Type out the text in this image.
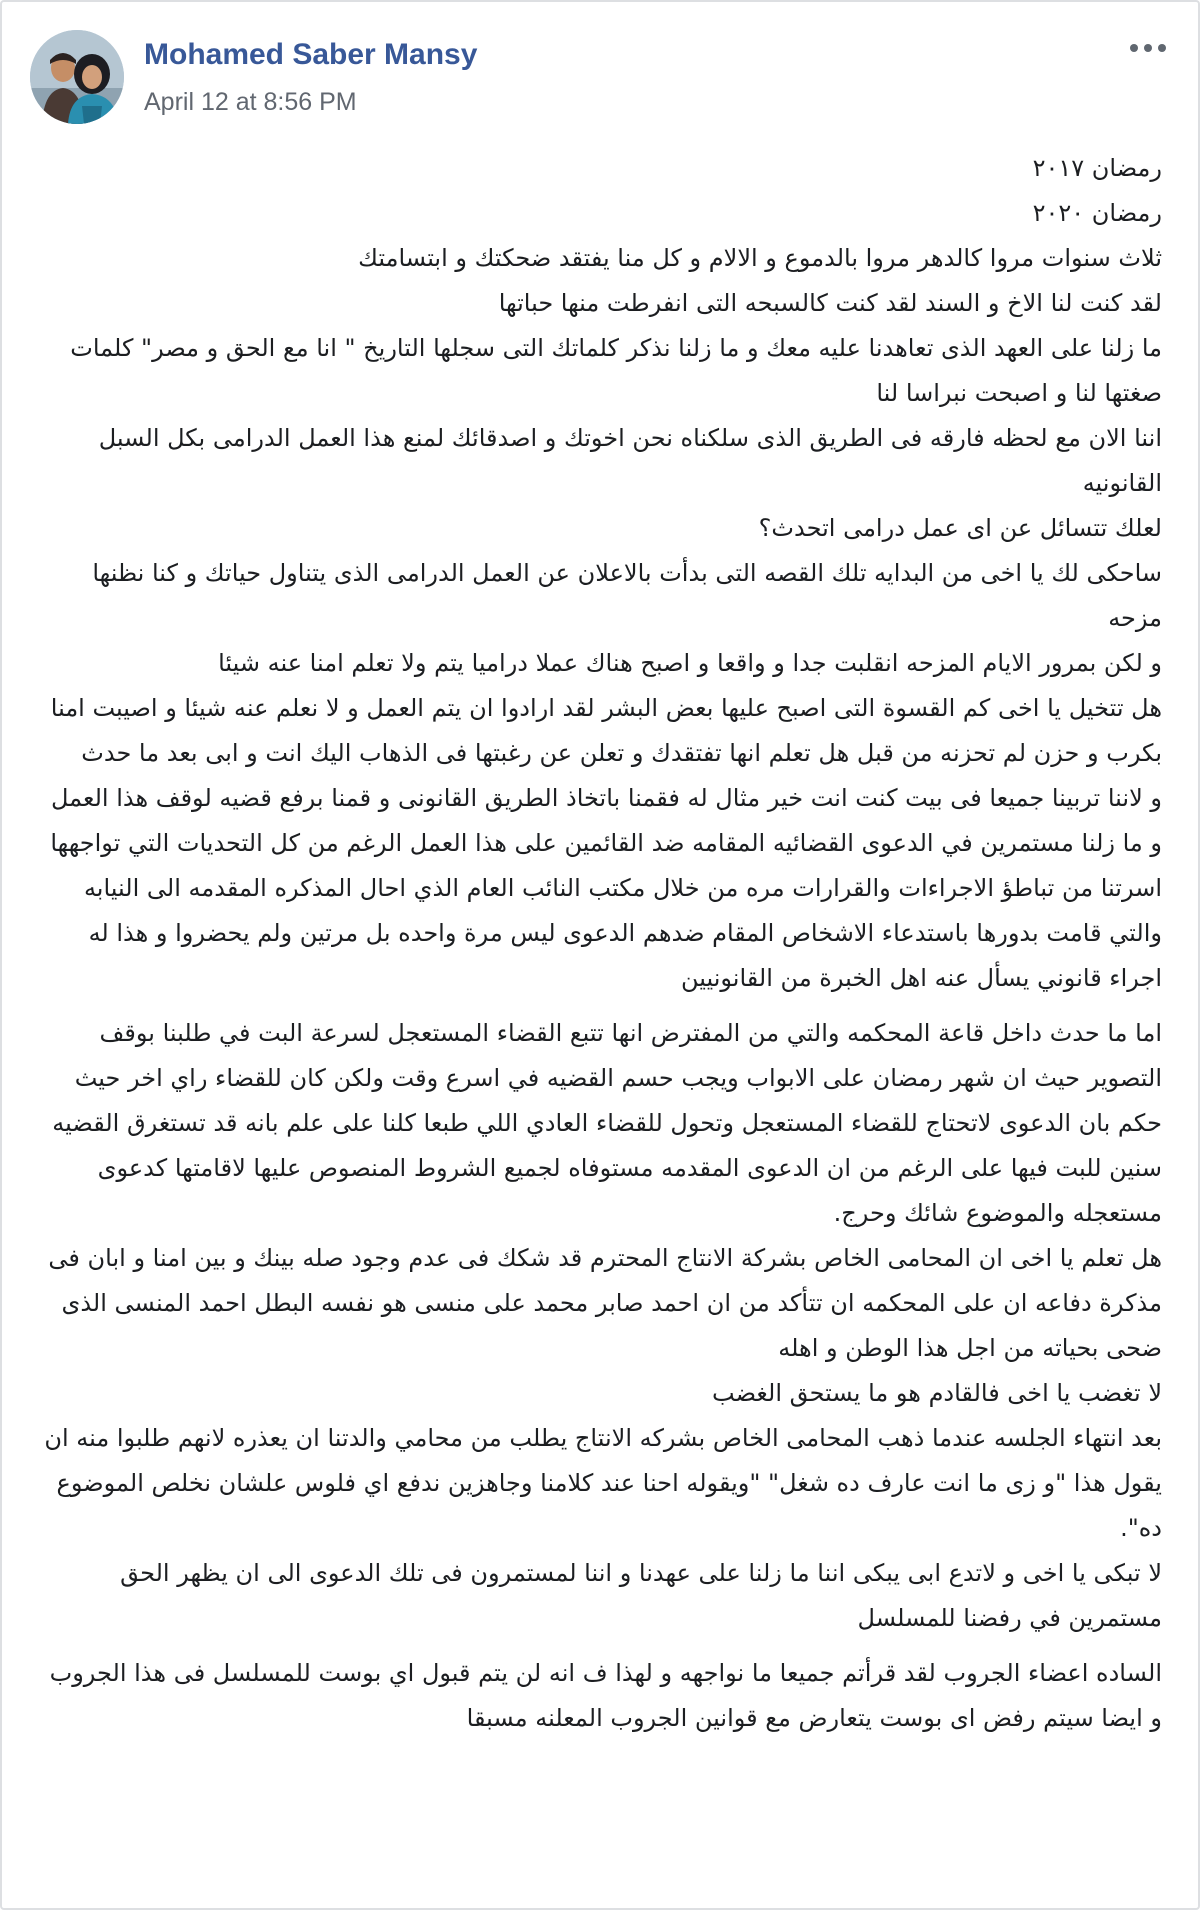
Mohamed Saber Mansy
April 12 at 8:56 PM

رمضان ٢٠١٧

رمضان ٢٠٢٠

ثلاث سنوات مروا كالدهر مروا بالدموع و الالام و كل منا يفتقد ضحكتك و ابتسامتك

لقد كنت لنا الاخ و السند لقد كنت كالسبحه التى انفرطت منها حباتها

ما زلنا على العهد الذى تعاهدنا عليه معك و ما زلنا نذكر كلماتك التى سجلها التاريخ " انا مع الحق و مصر" كلمات صغتها لنا و اصبحت نبراسا لنا

اننا الان مع لحظه فارقه فى الطريق الذى سلكناه نحن اخوتك و اصدقائك لمنع هذا العمل الدرامى بكل السبل القانونيه

لعلك تتسائل عن اى عمل درامى اتحدث؟

ساحكى لك يا اخى من البدايه تلك القصه التى بدأت بالاعلان عن العمل الدرامى الذى يتناول حياتك و كنا نظنها مزحه

و لكن بمرور الايام المزحه انقلبت جدا و واقعا و اصبح هناك عملا دراميا يتم ولا تعلم امنا عنه شيئا

هل تتخيل يا اخى كم القسوة التى اصبح عليها بعض البشر لقد ارادوا ان يتم العمل و لا نعلم عنه شيئا و اصيبت امنا بكرب و حزن لم تحزنه من قبل هل تعلم انها تفتقدك و تعلن عن رغبتها فى الذهاب اليك انت و ابى بعد ما حدث

و لاننا تربينا جميعا فى بيت كنت انت خير مثال له فقمنا باتخاذ الطريق القانونى و قمنا برفع قضيه لوقف هذا العمل

و ما زلنا مستمرين في الدعوى القضائيه المقامه ضد القائمين على هذا العمل الرغم من كل التحديات التي تواجهها اسرتنا من تباطؤ الاجراءات والقرارات مره من خلال مكتب النائب العام الذي احال المذكره المقدمه الى النيابه والتي قامت بدورها باستدعاء الاشخاص المقام ضدهم الدعوى ليس مرة واحده بل مرتين ولم يحضروا و هذا له اجراء قانوني يسأل عنه اهل الخبرة من القانونيين

اما ما حدث داخل قاعة المحكمه والتي من المفترض انها تتبع القضاء المستعجل لسرعة البت في طلبنا بوقف التصوير حيث ان شهر رمضان على الابواب ويجب حسم القضيه في اسرع وقت ولكن كان للقضاء راي اخر حيث حكم بان الدعوى لاتحتاج للقضاء المستعجل وتحول للقضاء العادي اللي طبعا كلنا على علم بانه قد تستغرق القضيه سنين للبت فيها على الرغم من ان الدعوى المقدمه مستوفاه لجميع الشروط المنصوص عليها لاقامتها كدعوى مستعجله والموضوع شائك وحرج.

هل تعلم يا اخى ان المحامى الخاص بشركة الانتاج المحترم قد شكك فى عدم وجود صله بينك و بين امنا و ابان فى مذكرة دفاعه ان على المحكمه ان تتأكد من ان احمد صابر محمد على منسى هو نفسه البطل احمد المنسى الذى ضحى بحياته من اجل هذا الوطن و اهله

لا تغضب يا اخى فالقادم هو ما يستحق الغضب

بعد انتهاء الجلسه عندما ذهب المحامى الخاص بشركه الانتاج يطلب من محامي والدتنا ان يعذره لانهم طلبوا منه ان يقول هذا "و زى ما انت عارف ده شغل" "ويقوله احنا عند كلامنا وجاهزين ندفع اي فلوس علشان نخلص الموضوع ده".

لا تبكى يا اخى و لاتدع ابى يبكى اننا ما زلنا على عهدنا و اننا لمستمرون فى تلك الدعوى الى ان يظهر الحق

مستمرين في رفضنا للمسلسل

الساده اعضاء الجروب لقد قرأتم جميعا ما نواجهه و لهذا ف انه لن يتم قبول اي بوست للمسلسل فى هذا الجروب و ايضا سيتم رفض اى بوست يتعارض مع قوانين الجروب المعلنه مسبقا
